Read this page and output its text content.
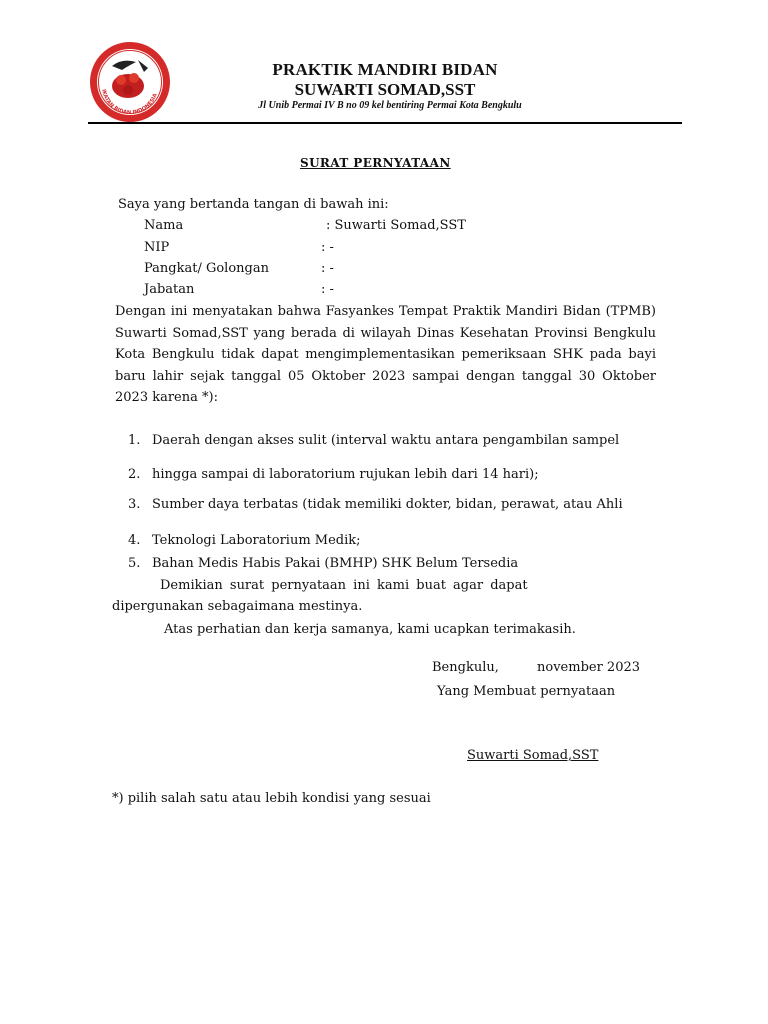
IKATAN BIDAN INDONESIA
PRAKTIK MANDIRI BIDAN
SUWARTI SOMAD,SST
Jl Unib Permai IV B no 09 kel bentiring Permai Kota Bengkulu
SURAT PERNYATAAN
Saya yang bertanda tangan di bawah ini:
Nama	: Suwarti Somad,SST
NIP	: -
Pangkat/ Golongan	: -
Jabatan	: -
Dengan ini menyatakan bahwa Fasyankes Tempat Praktik Mandiri Bidan (TPMB) Suwarti Somad,SST yang berada di wilayah Dinas Kesehatan Provinsi Bengkulu Kota Bengkulu tidak dapat mengimplementasikan pemeriksaan SHK pada bayi baru lahir sejak tanggal 05 Oktober 2023 sampai dengan tanggal 30 Oktober 2023 karena *):
1. Daerah dengan akses sulit (interval waktu antara pengambilan sampel
2. hingga sampai di laboratorium rujukan lebih dari 14 hari);
3. Sumber daya terbatas (tidak memiliki dokter, bidan, perawat, atau Ahli
4. Teknologi Laboratorium Medik;
5. Bahan Medis Habis Pakai (BMHP) SHK Belum Tersedia
Demikian surat pernyataan ini kami buat agar dapat
dipergunakan sebagaimana mestinya.
Atas perhatian dan kerja samanya, kami ucapkan terimakasih.
Bengkulu,	november 2023
Yang Membuat pernyataan
Suwarti Somad,SST
*) pilih salah satu atau lebih kondisi yang sesuai
